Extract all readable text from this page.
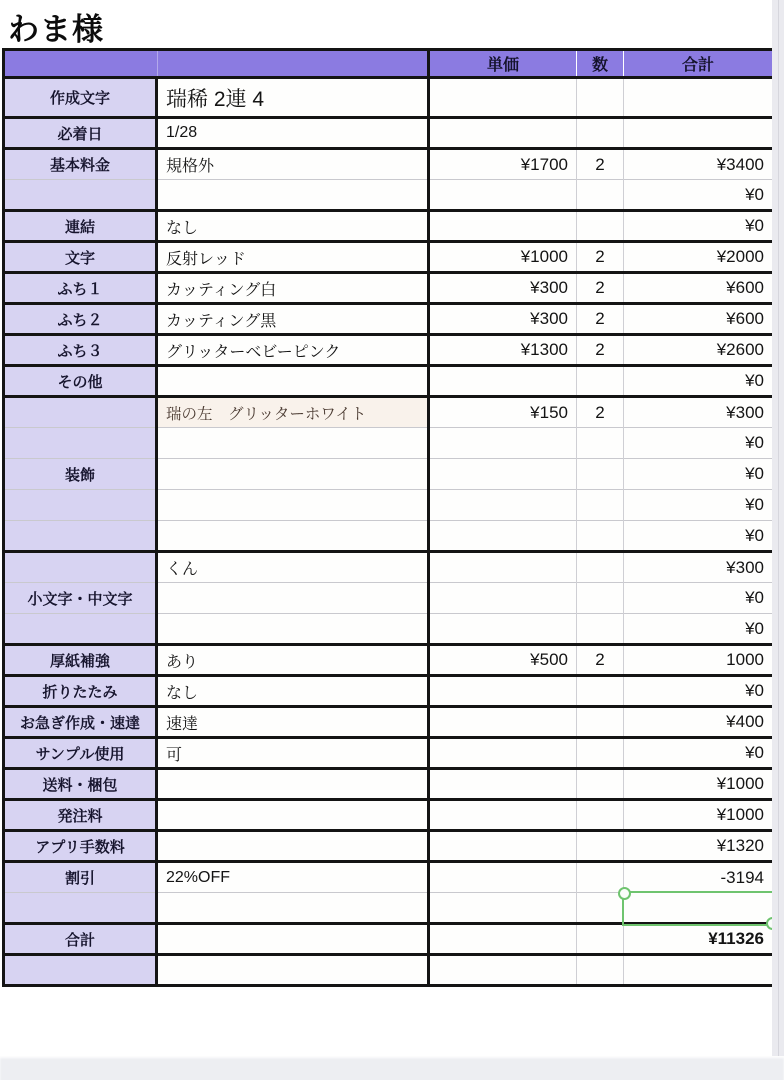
わま様
		単価	数	合計
作成文字	瑞稀 2連 4			
必着日	1/28			
基本料金	規格外	¥1700	2	¥3400
				¥0
連結	なし			¥0
文字	反射レッド	¥1000	2	¥2000
ふち１	カッティング白	¥300	2	¥600
ふち２	カッティング黒	¥300	2	¥600
ふち３	グリッターベビーピンク	¥1300	2	¥2600
その他				¥0
	瑞の左　グリッターホワイト	¥150	2	¥300
				¥0
装飾				¥0
				¥0
				¥0
	くん			¥300
小文字・中文字				¥0
				¥0
厚紙補強	あり	¥500	2	1000
折りたたみ	なし			¥0
お急ぎ作成・速達	速達			¥400
サンプル使用	可			¥0
送料・梱包				¥1000
発注料				¥1000
アプリ手数料				¥1320
割引	22%OFF			-3194

合計				¥11326
